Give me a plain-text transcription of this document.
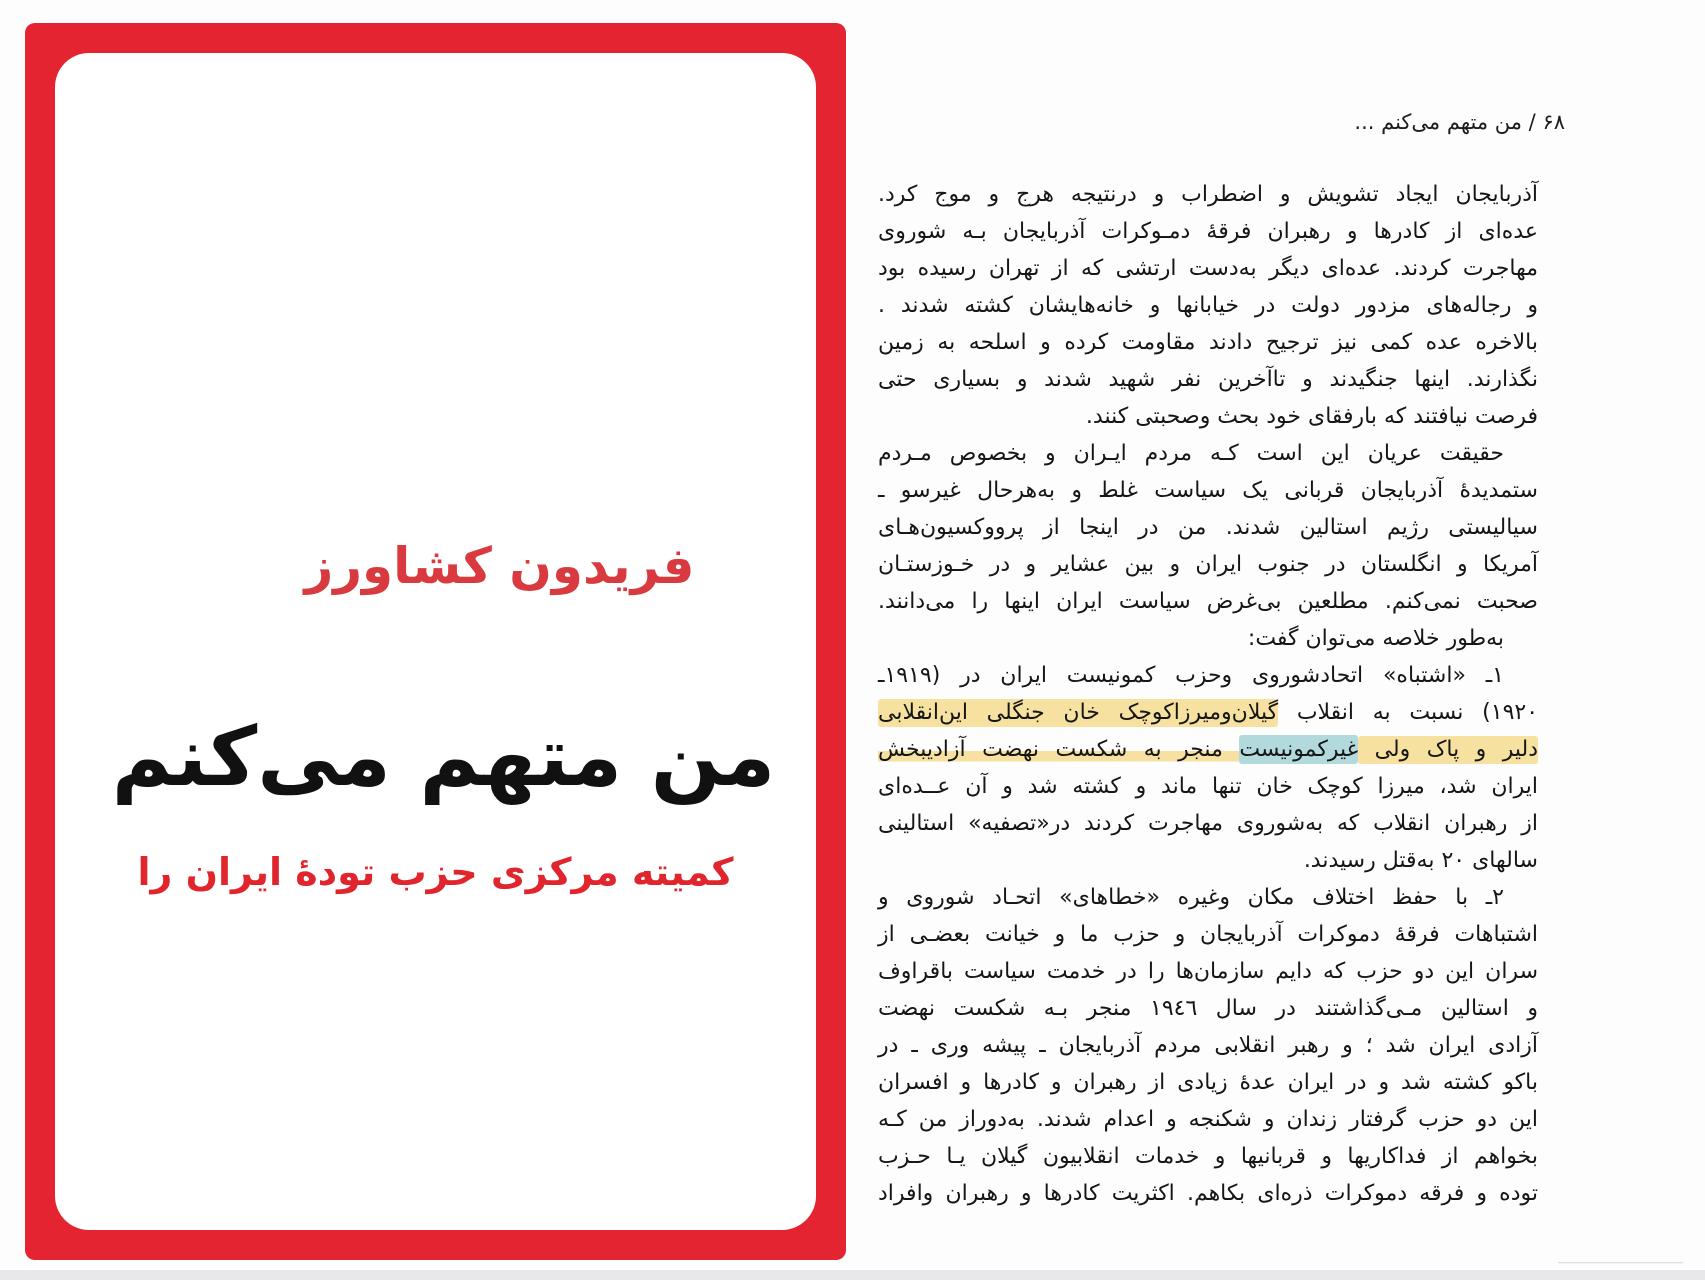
فریدون کشاورز
من متهم می‌کنم
کمیته مرکزی حزب تودهٔ ایران را
۶۸ / من متهم می‌کنم ...
آذربایجان ایجاد تشویش و اضطراب و درنتیجه هرج و موج کرد.
عده‌ای از کادرها و رهبران فرقهٔ دمـوکرات آذربایجان بـه شوروی
مهاجرت کردند. عده‌ای دیگر به‌دست ارتشی که از تهران رسیده بود
و رجاله‌های مزدور دولت در خیابانها و خانه‌هایشان کشته شدند .
بالاخره عده کمی نیز ترجیح دادند مقاومت کرده و اسلحه به زمین
نگذارند. اینها جنگیدند و تاآخرین نفر شهید شدند و بسیاری حتی
فرصت نیافتند که بارفقای خود بحث وصحبتی کنند.
حقیقت عریان این است کـه مردم ایـران و بخصوص مـردم
ستمدیدهٔ آذربایجان قربانی یک سیاست غلط و به‌هرحال غیرسو ـ
سیالیستی رژیم استالین شدند. من در اینجا از پرووکسیون‌هـای
آمریکا و انگلستان در جنوب ایران و بین عشایر و در خـوزستـان
صحبت نمی‌کنم. مطلعین بی‌غرض سیاست ایران اینها را می‌دانند.
به‌طور خلاصه می‌توان گفت:
۱ـ «اشتباه» اتحادشوروی وحزب کمونیست ایران در (۱۹۱۹ـ
۱۹۲۰) نسبت به انقلاب گیلان‌ومیرزاکوچک خان جنگلی این‌انقلابی
دلیر و پاک ولی غیرکمونیست منجر به شکست نهضت آزادیبخش
ایران شد، میرزا کوچک خان تنها ماند و کشته شد و آن عــده‌ای
از رهبران انقلاب که به‌شوروی مهاجرت کردند در«تصفیه» استالینی
سالهای ۲۰ به‌قتل رسیدند.
۲ـ با حفظ اختلاف مکان وغیره «خطاهای» اتحـاد شوروی و
اشتباهات فرقهٔ دموکرات آذربایجان و حزب ما و خیانت بعضـی از
سران این دو حزب که دایم سازمان‌ها را در خدمت سیاست باقراوف
و استالین مـی‌گذاشتند در سال ۱۹٤٦ منجر بـه شکست نهضت
آزادی ایران شد ؛ و رهبر انقلابی مردم آذربایجان ـ پیشه وری ـ در
باکو کشته شد و در ایران عدهٔ زیادی از رهبران و کادرها و افسران
این دو حزب گرفتار زندان و شکنجه و اعدام شدند. به‌دوراز من کـه
بخواهم از فداکاریها و قربانیها و خدمات انقلابیون گیلان یـا حـزب
توده و فرقه دموکرات ذره‌ای بکاهم. اکثریت کادرها و رهبران وافراد
